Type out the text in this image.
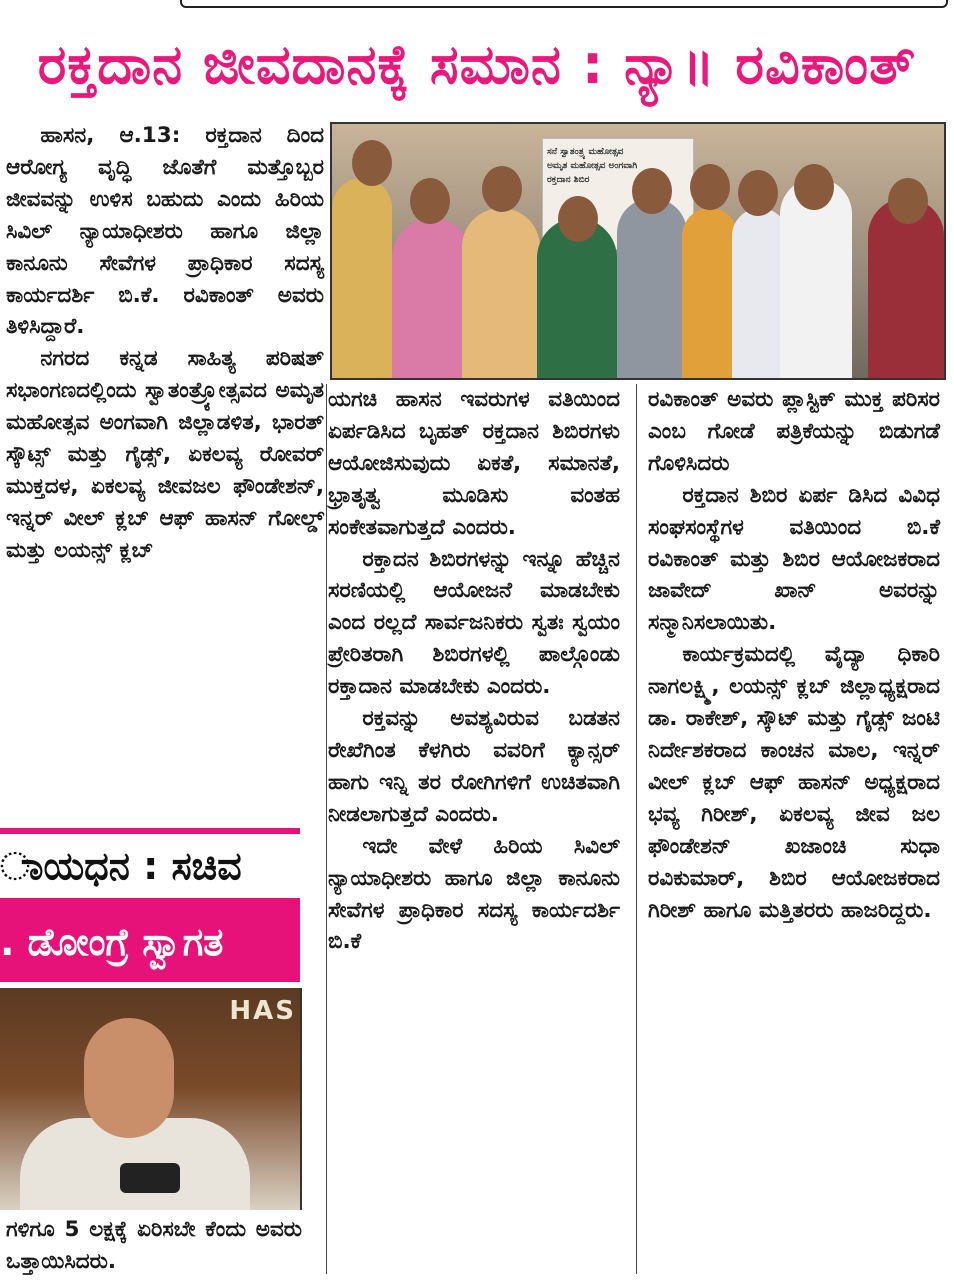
ರಕ್ತದಾನ ಜೀವದಾನಕ್ಕೆ ಸಮಾನ : ನ್ಯಾ॥ ರವಿಕಾಂತ್

ಹಾಸನ, ಆ.13: ರಕ್ತದಾನ ದಿಂದ ಆರೋಗ್ಯ ವೃದ್ಧಿ ಜೊತೆಗೆ ಮತ್ತೊಬ್ಬರ ಜೀವವನ್ನು ಉಳಿಸ ಬಹುದು ಎಂದು ಹಿರಿಯ ಸಿವಿಲ್ ನ್ಯಾಯಾಧೀಶರು ಹಾಗೂ ಜಿಲ್ಲಾ ಕಾನೂನು ಸೇವೆಗಳ ಪ್ರಾಧಿಕಾರ ಸದಸ್ಯ ಕಾರ್ಯದರ್ಶಿ ಬಿ.ಕೆ. ರವಿಕಾಂತ್ ಅವರು ತಿಳಿಸಿದ್ದಾರೆ.

ನಗರದ ಕನ್ನಡ ಸಾಹಿತ್ಯ ಪರಿಷತ್ ಸಭಾಂಗಣದಲ್ಲಿಂದು ಸ್ವಾತಂತ್ರ್ಯೋತ್ಸವದ ಅಮೃತ ಮಹೋತ್ಸವ ಅಂಗವಾಗಿ ಜಿಲ್ಲಾಡಳಿತ, ಭಾರತ್ ಸ್ಕೌಟ್ಸ್ ಮತ್ತು ಗೈಡ್ಸ್, ಏಕಲವ್ಯ ರೋವರ್ ಮುಕ್ತದಳ, ಏಕಲವ್ಯ ಜೀವಜಲ ಫೌಂಡೇಶನ್, ಇನ್ನರ್ ವೀಲ್ ಕ್ಲಬ್ ಆಫ್ ಹಾಸನ್ ಗೋಲ್ಡ್ ಮತ್ತು ಲಯನ್ಸ್ ಕ್ಲಬ್

ಸನೆ ಸ್ವಾತಂತ್ರ್ಯ ಮಹೋತ್ಸವ
ಅಮೃತ ಮಹೋತ್ಸವ ಅಂಗವಾಗಿ
ರಕ್ತದಾನ ಶಿಬಿರ

ಯಗಚಿ ಹಾಸನ ಇವರುಗಳ ವತಿಯಿಂದ ಏರ್ಪಡಿಸಿದ ಬೃಹತ್ ರಕ್ತದಾನ ಶಿಬಿರಗಳು ಆಯೋಜಿಸುವುದು ಏಕತೆ, ಸಮಾನತೆ, ಭ್ರಾತೃತ್ವ ಮೂಡಿಸು ವಂತಹ ಸಂಕೇತವಾಗುತ್ತದೆ ಎಂದರು.

ರಕ್ತಾದನ ಶಿಬಿರಗಳನ್ನು ಇನ್ನೂ ಹೆಚ್ಚಿನ ಸರಣಿಯಲ್ಲಿ ಆಯೋಜನೆ ಮಾಡಬೇಕು ಎಂದ ರಲ್ಲದೆ ಸಾರ್ವಜನಿಕರು ಸ್ವತಃ ಸ್ವಯಂ ಪ್ರೇರಿತರಾಗಿ ಶಿಬಿರಗಳಲ್ಲಿ ಪಾಲ್ಗೊಂಡು ರಕ್ತಾದಾನ ಮಾಡಬೇಕು ಎಂದರು.

ರಕ್ತವನ್ನು ಅವಶ್ಯವಿರುವ ಬಡತನ ರೇಖೆಗಿಂತ ಕೆಳಗಿರು ವವರಿಗೆ ಕ್ಯಾನ್ಸರ್ ಹಾಗು ಇನ್ನಿ ತರ ರೋಗಿಗಳಿಗೆ ಉಚಿತವಾಗಿ ನೀಡಲಾಗುತ್ತದೆ ಎಂದರು.

ಇದೇ ವೇಳೆ ಹಿರಿಯ ಸಿವಿಲ್ ನ್ಯಾಯಾಧೀಶರು ಹಾಗೂ ಜಿಲ್ಲಾ ಕಾನೂನು ಸೇವೆಗಳ ಪ್ರಾಧಿಕಾರ ಸದಸ್ಯ ಕಾರ್ಯದರ್ಶಿ ಬಿ.ಕೆ

ರವಿಕಾಂತ್ ಅವರು ಪ್ಲಾಸ್ಟಿಕ್ ಮುಕ್ತ ಪರಿಸರ ಎಂಬ ಗೋಡೆ ಪತ್ರಿಕೆಯನ್ನು ಬಿಡುಗಡೆ ಗೊಳಿಸಿದರು

ರಕ್ತದಾನ ಶಿಬಿರ ಏರ್ಪ ಡಿಸಿದ ವಿವಿಧ ಸಂಘಸಂಸ್ಥೆಗಳ ವತಿಯಿಂದ ಬಿ.ಕೆ ರವಿಕಾಂತ್ ಮತ್ತು ಶಿಬಿರ ಆಯೋಜಕರಾದ ಜಾವೇದ್ ಖಾನ್ ಅವರನ್ನು ಸನ್ಮಾನಿಸಲಾಯಿತು.

ಕಾರ್ಯಕ್ರಮದಲ್ಲಿ ವೈದ್ಯಾ ಧಿಕಾರಿ ನಾಗಲಕ್ಷ್ಮಿ, ಲಯನ್ಸ್ ಕ್ಲಬ್ ಜಿಲ್ಲಾಧ್ಯಕ್ಷರಾದ ಡಾ. ರಾಕೇಶ್, ಸ್ಕೌಟ್ ಮತ್ತು ಗೈಡ್ಸ್ ಜಂಟಿ ನಿರ್ದೇಶಕರಾದ ಕಾಂಚನ ಮಾಲ, ಇನ್ನರ್ ವೀಲ್ ಕ್ಲಬ್ ಆಫ್ ಹಾಸನ್ ಅಧ್ಯಕ್ಷರಾದ ಭವ್ಯ ಗಿರೀಶ್, ಏಕಲವ್ಯ ಜೀವ ಜಲ ಫೌಂಡೇಶನ್ ಖಜಾಂಚಿ ಸುಧಾ ರವಿಕುಮಾರ್, ಶಿಬಿರ ಆಯೋಜಕರಾದ ಗಿರೀಶ್ ಹಾಗೂ ಮತ್ತಿತರರು ಹಾಜರಿದ್ದರು.

ಾಯಧನ : ಸಚಿವ
. ಡೋಂಗ್ರೆ ಸ್ವಾಗತ
HAS

ಗಳಿಗೂ 5 ಲಕ್ಷಕ್ಕೆ ಏರಿಸಬೇ ಕೆಂದು ಅವರು ಒತ್ತಾಯಿಸಿದರು.
